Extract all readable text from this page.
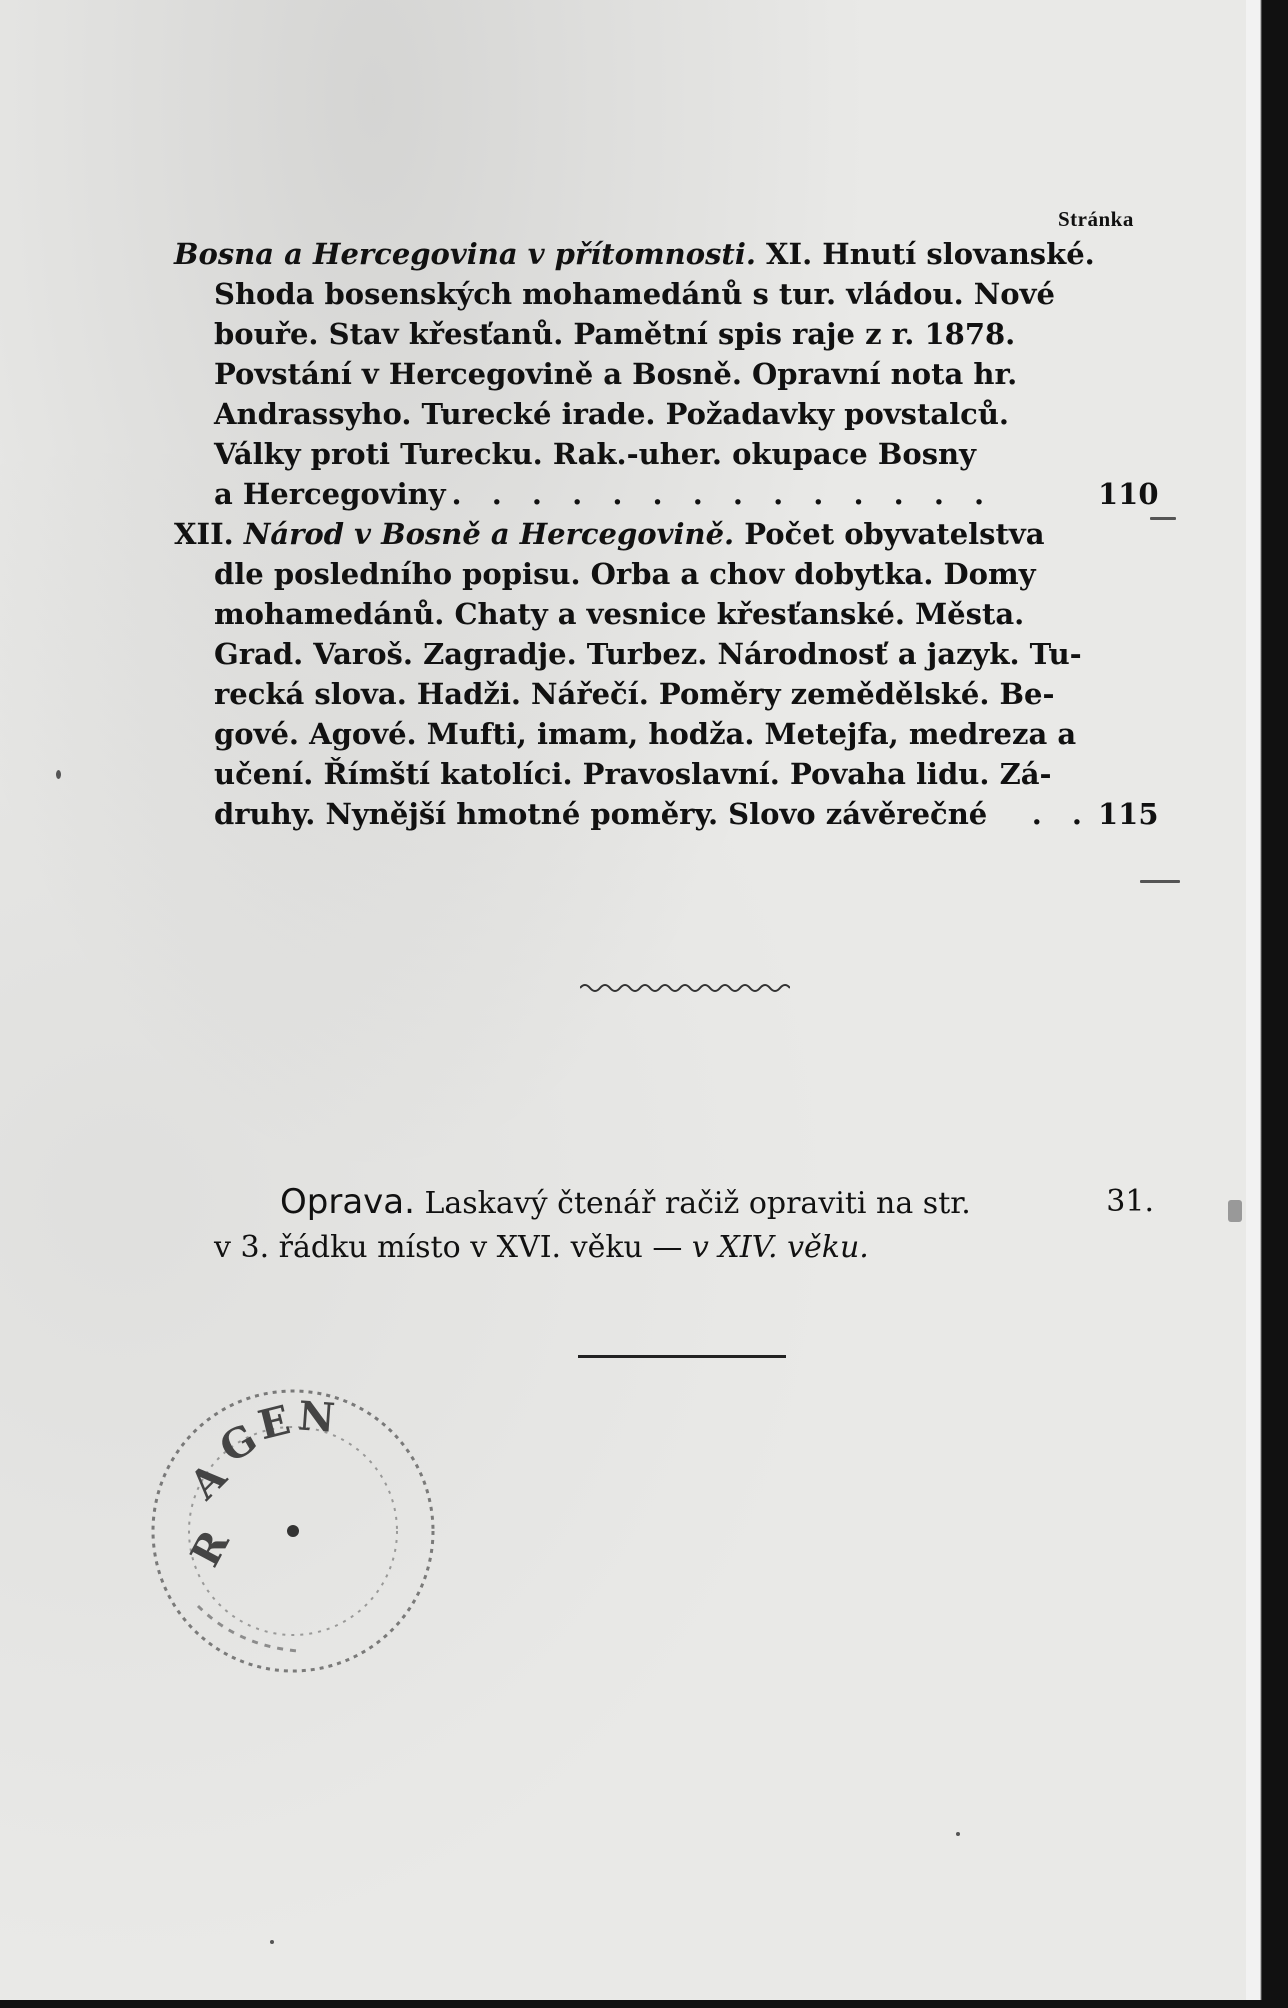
Stránka
Bosna a Hercegovina v přítomnosti. XI. Hnutí slovanské.
Shoda bosenských mohamedánů s tur. vládou. Nové
bouře. Stav křesťanů. Pamětní spis raje z r. 1878.
Povstání v Hercegovině a Bosně. Opravní nota hr.
Andrassyho. Turecké irade. Požadavky povstalců.
Války proti Turecku. Rak.-uher. okupace Bosny
a Hercegoviny . . . . . . . . . . . . . .	110
XII. Národ v Bosně a Hercegovině. Počet obyvatelstva
dle posledního popisu. Orba a chov dobytka. Domy
mohamedánů. Chaty a vesnice křesťanské. Města.
Grad. Varoš. Zagradje. Turbez. Národnosť a jazyk. Tu-
recká slova. Hadži. Nářečí. Poměry zemědělské. Be-
gové. Agové. Mufti, imam, hodža. Metejfa, medreza a
učení. Římští katolíci. Pravoslavní. Povaha lidu. Zá-
druhy. Nynější hmotné poměry. Slovo závěrečné	. . 115
Oprava. Laskavý čtenář račiž opraviti na str.	31.
v 3. řádku místo v XVI. věku — v XIV. věku.
R
A
G
E N
